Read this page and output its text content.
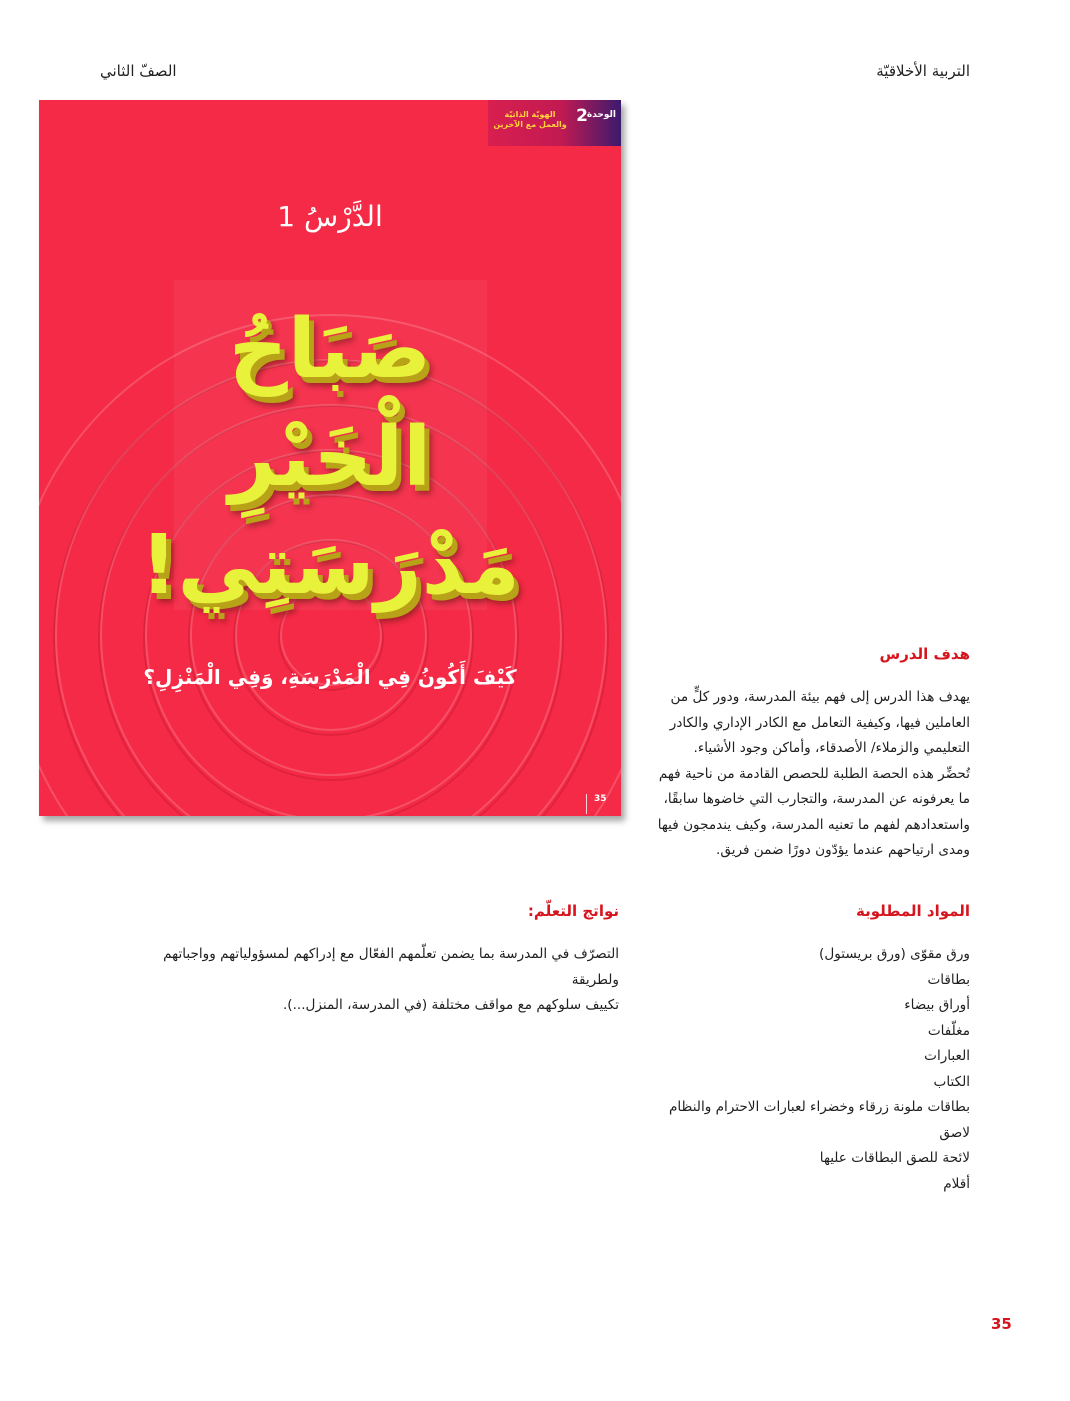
التربية الأخلاقيّة
الصفّ الثاني
الوحدة
2
الهويّة الذاتيّة والعمل مع الآخرين
الدَّرْسُ 1
صَبَاحُ
الْخَيْرِ
مَدْرَسَتِي!
كَيْفَ أَكُونُ فِي الْمَدْرَسَةِ، وَفِي الْمَنْزِلِ؟
35
هدف الدرس
يهدف هذا الدرس إلى فهم بيئة المدرسة، ودور كلٍّ من
العاملين فيها، وكيفية التعامل مع الكادر الإداري والكادر
التعليمي والزملاء/ الأصدقاء، وأماكن وجود الأشياء.
تُحضِّر هذه الحصة الطلبة للحصص القادمة من ناحية فهم
ما يعرفونه عن المدرسة، والتجارب التي خاضوها سابقًا،
واستعدادهم لفهم ما تعنيه المدرسة، وكيف يندمجون فيها
ومدى ارتياحهم عندما يؤدّون دورًا ضمن فريق.
نواتج التعلّم:
التصرّف في المدرسة بما يضمن تعلّمهم الفعّال مع إدراكهم لمسؤولياتهم وواجباتهم ولطريقة
تكييف سلوكهم مع مواقف مختلفة (في المدرسة، المنزل...).
المواد المطلوبة
ورق مقوّى (ورق بريستول)
بطاقات
أوراق بيضاء
مغلّفات
العبارات
الكتاب
بطاقات ملونة زرقاء وخضراء لعبارات الاحترام والنظام
لاصق
لائحة للصق البطاقات عليها
أقلام
35
